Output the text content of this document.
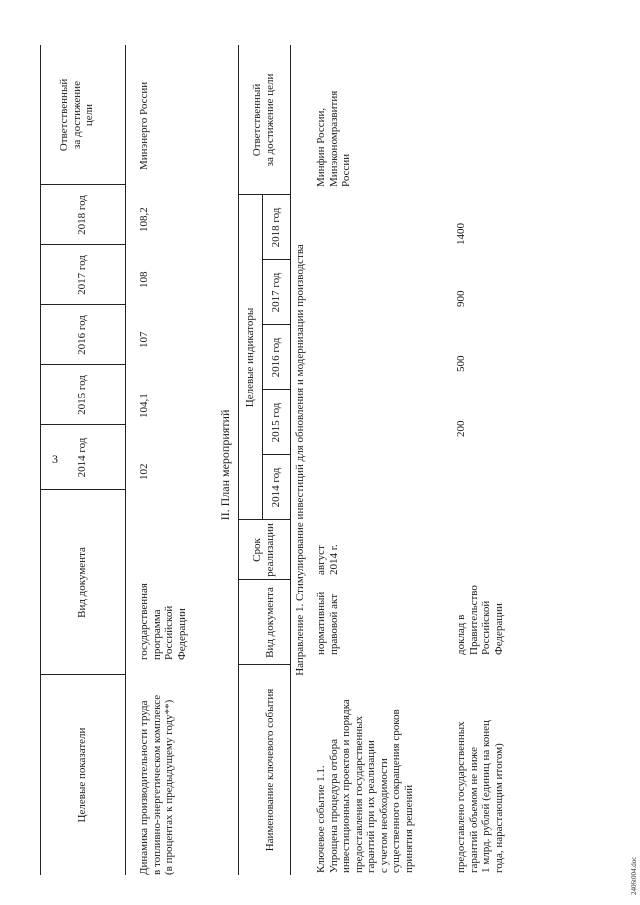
3
2406t004.doc
Целевые показатели
Вид документа
2014 год
2015 год
2016 год
2017 год
2018 год
Ответственный за достижение цели
Динамика производительности труда в топливно-энергетическом комплексе (в процентах к предыдущему году**)
государственная программа Российской Федерации
102
104,1
107
108
108,2
Минэнерго России
II. План мероприятий
Наименование ключевого события
Вид документа
Срок реализации
Целевые индикаторы
2014 год
2015 год
2016 год
2017 год
2018 год
Ответственный за достижение цели
Направление 1. Стимулирование инвестиций для обновления и модернизации производства
Ключевое событие 1.1. Упрощена процедура отбора инвестиционных проектов и порядка предоставления государственных гарантий при их реализации с учетом необходимости существенного сокращения сроков принятия решений
нормативный правовой акт
август 2014 г.
Минфин России, Минэкономразвития России
предоставлено государственных гарантий объемом не ниже 1 млрд. рублей (единиц на конец года, нарастающим итогом)
доклад в Правительство Российской Федерации
200
500
900
1400
